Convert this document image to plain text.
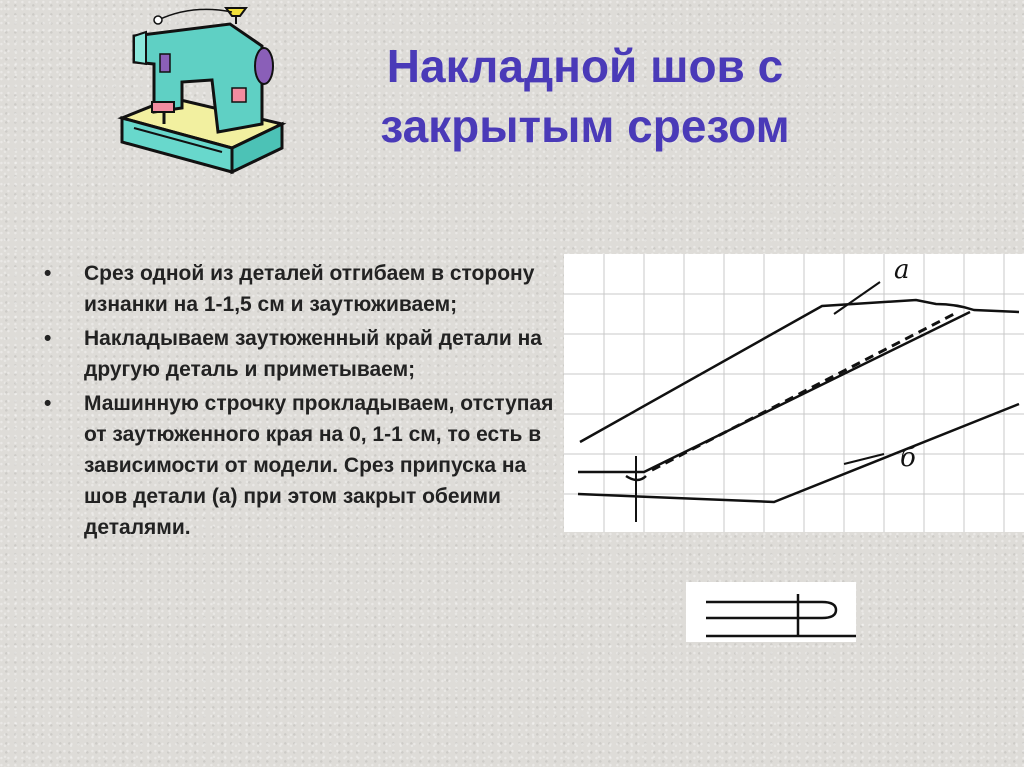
Накладной шов с
закрытым срезом
• Срез одной из деталей отгибаем в сторону изнанки на 1-1,5 см и заутюживаем;
• Накладываем заутюженный край детали на другую деталь и приметываем;
• Машинную строчку прокладываем, отступая от заутюженного края на 0, 1-1 см, то есть в зависимости от модели. Срез припуска на шов детали (а) при этом закрыт обеими деталями.
a
б
